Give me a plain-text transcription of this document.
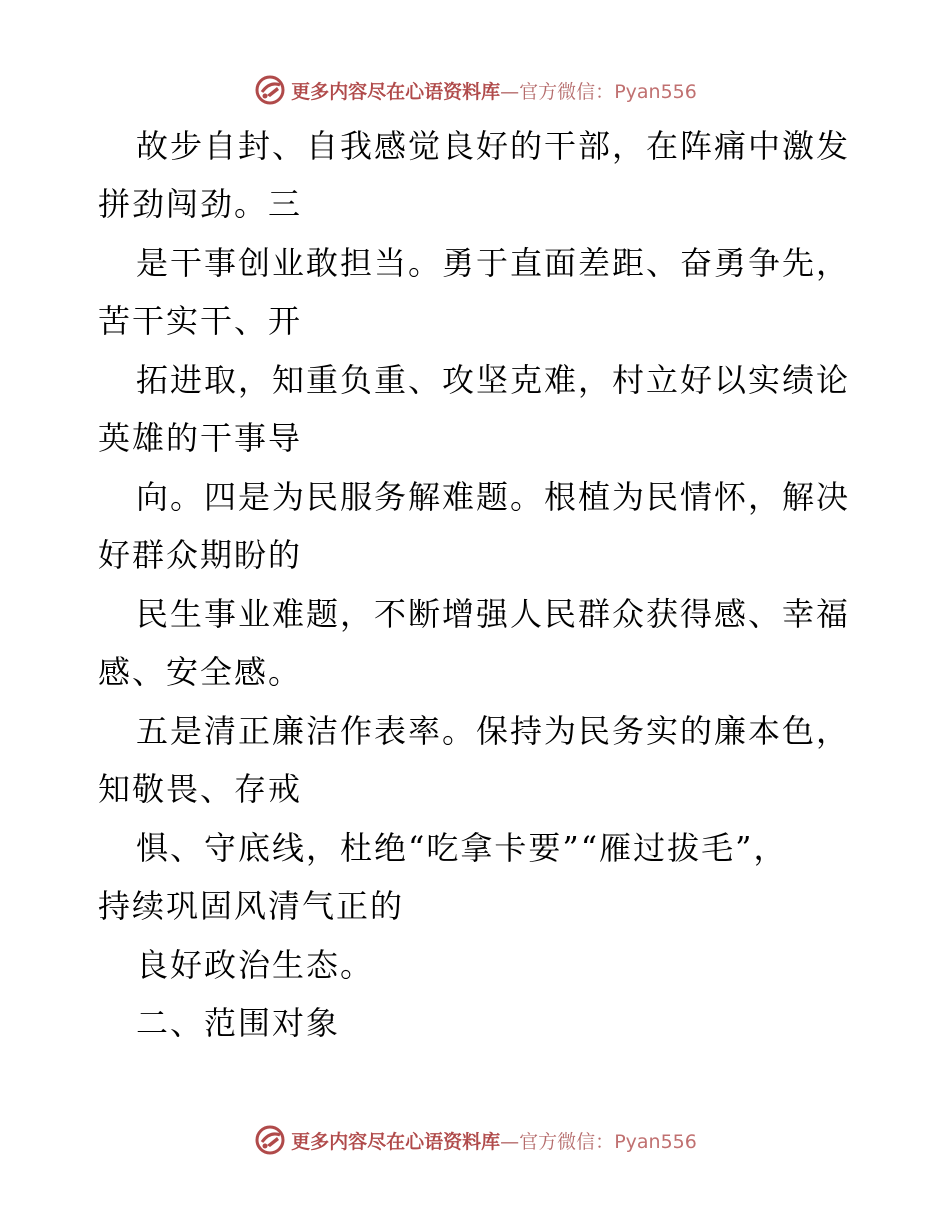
更多内容尽在心语资料库—官方微信：Pyan556
故步自封、自我感觉良好的干部，在阵痛中激发
拼劲闯劲。三
是干事创业敢担当。勇于直面差距、奋勇争先，
苦干实干、开
拓进取，知重负重、攻坚克难，村立好以实绩论
英雄的干事导
向。四是为民服务解难题。根植为民情怀，解决
好群众期盼的
民生事业难题，不断增强人民群众获得感、幸福
感、安全感。
五是清正廉洁作表率。保持为民务实的廉本色，
知敬畏、存戒
惧、守底线，杜绝“吃拿卡要”“雁过拔毛”，
持续巩固风清气正的
良好政治生态。
二、范围对象
更多内容尽在心语资料库—官方微信：Pyan556
